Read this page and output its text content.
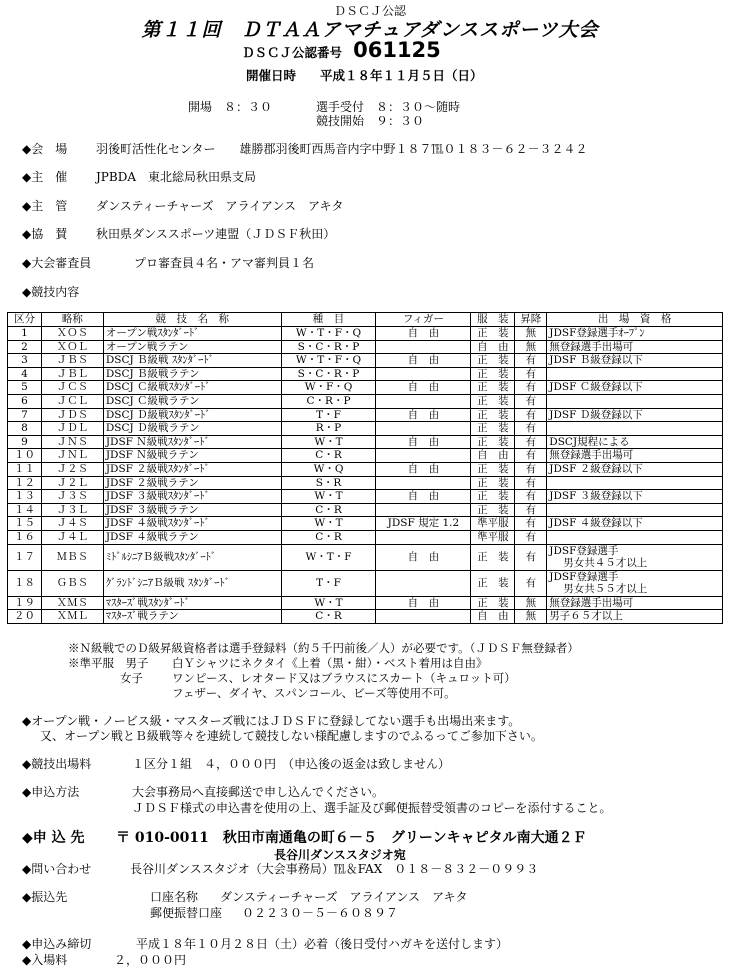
ＤＳＣＪ公認
第１１回　ＤＴＡＡアマチュアダンススポーツ大会
ＤＳＣＪ公認番号 061125
開催日時 平成１８年１１月５日（日）
開場　８：３０	選手受付　８：３０～随時
競技開始　９：３０
◆会　場 羽後町活性化センター　　雄勝郡羽後町西馬音内字中野１８７℡０１８３－６２－３２４２
◆主　催 JPBDA　東北総局秋田県支局
◆主　管 ダンスティーチャーズ　アライアンス　アキタ
◆協　賛 秋田県ダンススポーツ連盟（ＪＤＳＦ秋田）
◆大会審査員	プロ審査員４名・アマ審判員１名
◆競技内容
区分	略称	競　技　名　称	種　目	フィガー	服　装	昇降	出　場　資　格
1	ＸＯＳ	オープン戦ｽﾀﾝﾀﾞｰﾄﾞ	W・T・F・Q	自　由	正　装	無	JDSF登録選手ｵｰﾌﾟﾝ
2	ＸＯＬ	オープン戦ラテン	S・C・R・P		自　由	無	無登録選手出場可
3	ＪＢＳ	DSCJ Ｂ級戦 ｽﾀﾝﾀﾞｰﾄﾞ	W・T・F・Q	自　由	正　装	有	JDSF Ｂ級登録以下
4	ＪＢＬ	DSCJ Ｂ級戦ラテン	S・C・R・P		正　装	有	
5	ＪＣＳ	DSCJ Ｃ級戦ｽﾀﾝﾀﾞｰﾄﾞ	W・F・Q	自　由	正　装	有	JDSF Ｃ級登録以下
6	ＪＣＬ	DSCJ Ｃ級戦ラテン	C・R・P		正　装	有	
7	ＪＤＳ	DSCJ Ｄ級戦ｽﾀﾝﾀﾞｰﾄﾞ	T・F	自　由	正　装	有	JDSF Ｄ級登録以下
8	ＪＤＬ	DSCJ Ｄ級戦ラテン	R・P		正　装	有	
9	ＪＮＳ	JDSF Ｎ級戦ｽﾀﾝﾀﾞｰﾄﾞ	W・T	自　由	正　装	有	DSCJ規程による
１０	ＪＮＬ	JDSF Ｎ級戦ラテン	C・R		自　由	有	無登録選手出場可
１１	Ｊ２Ｓ	JDSF ２級戦ｽﾀﾝﾀﾞｰﾄﾞ	W・Q	自　由	正　装	有	JDSF ２級登録以下
１２	Ｊ２Ｌ	JDSF ２級戦ラテン	S・R		正　装	有	
１３	Ｊ３Ｓ	JDSF ３級戦ｽﾀﾝﾀﾞｰﾄﾞ	W・T	自　由	正　装	有	JDSF ３級登録以下
１４	Ｊ３Ｌ	JDSF ３級戦ラテン	C・R		正　装	有	
１５	Ｊ４Ｓ	JDSF ４級戦ｽﾀﾝﾀﾞｰﾄﾞ	W・T	JDSF 規定 1.2	準平服	有	JDSF ４級登録以下
１６	Ｊ４Ｌ	JDSF ４級戦ラテン	C・R		準平服	有	
１７	ＭＢＳ	ﾐﾄﾞﾙｼﾆｱＢ級戦ｽﾀﾝﾀﾞｰﾄﾞ	W・T・F	自　由	正　装	有	JDSF登録選手
男女共４５才以上

１８	ＧＢＳ	ｸﾞﾗﾝﾄﾞｼﾆｱＢ級戦 ｽﾀﾝﾀﾞｰﾄﾞ	T・F		正　装	有	JDSF登録選手
男女共５５才以上

１９	ＸＭＳ	ﾏｽﾀｰｽﾞ戦ｽﾀﾝﾀﾞｰﾄﾞ	W・T	自　由	正　装	無	無登録選手出場可
２０	ＸＭＬ	ﾏｽﾀｰｽﾞ戦ラテン	C・R		自　由	無	男子６５才以上
※Ｎ級戦でのＤ級昇級資格者は選手登録料（約５千円前後／人）が必要です。（ＪＤＳＦ無登録者）
※準平服　男子 白Ｙシャツにネクタイ《上着（黒・紺）・ベスト着用は自由》
女子	ワンピース、レオタード又はブラウスにスカート（キュロット可）
フェザー、ダイヤ、スパンコール、ビーズ等使用不可。
◆オープン戦・ノービス級・マスターズ戦にはＪＤＳＦに登録してない選手も出場出来ます。
又、オープン戦とＢ級戦等々を連続して競技しない様配慮しますのでふるってご参加下さい。
◆競技出場料	１区分１組　４，０００円　（申込後の返金は致しません）
◆申込方法	大会事務局へ直接郵送で申し込んでください。
ＪＤＳＦ様式の申込書を使用の上、選手証及び郵便振替受領書のコピーを添付すること。
◆申 込 先 〒 010-0011　秋田市南通亀の町６－５　グリーンキャピタル南大通２Ｆ
長谷川ダンススタジオ宛
◆問い合わせ	長谷川ダンススタジオ（大会事務局）℡＆FAX　０１８－８３２－０９９３
◆振込先	口座名称 ダンスティーチャーズ　アライアンス　アキタ
郵便振替口座 ０２２３０－５－６０８９７
◆申込み締切	平成１８年１０月２８日（土）必着（後日受付ハガキを送付します）
◆入場料	２，０００円
